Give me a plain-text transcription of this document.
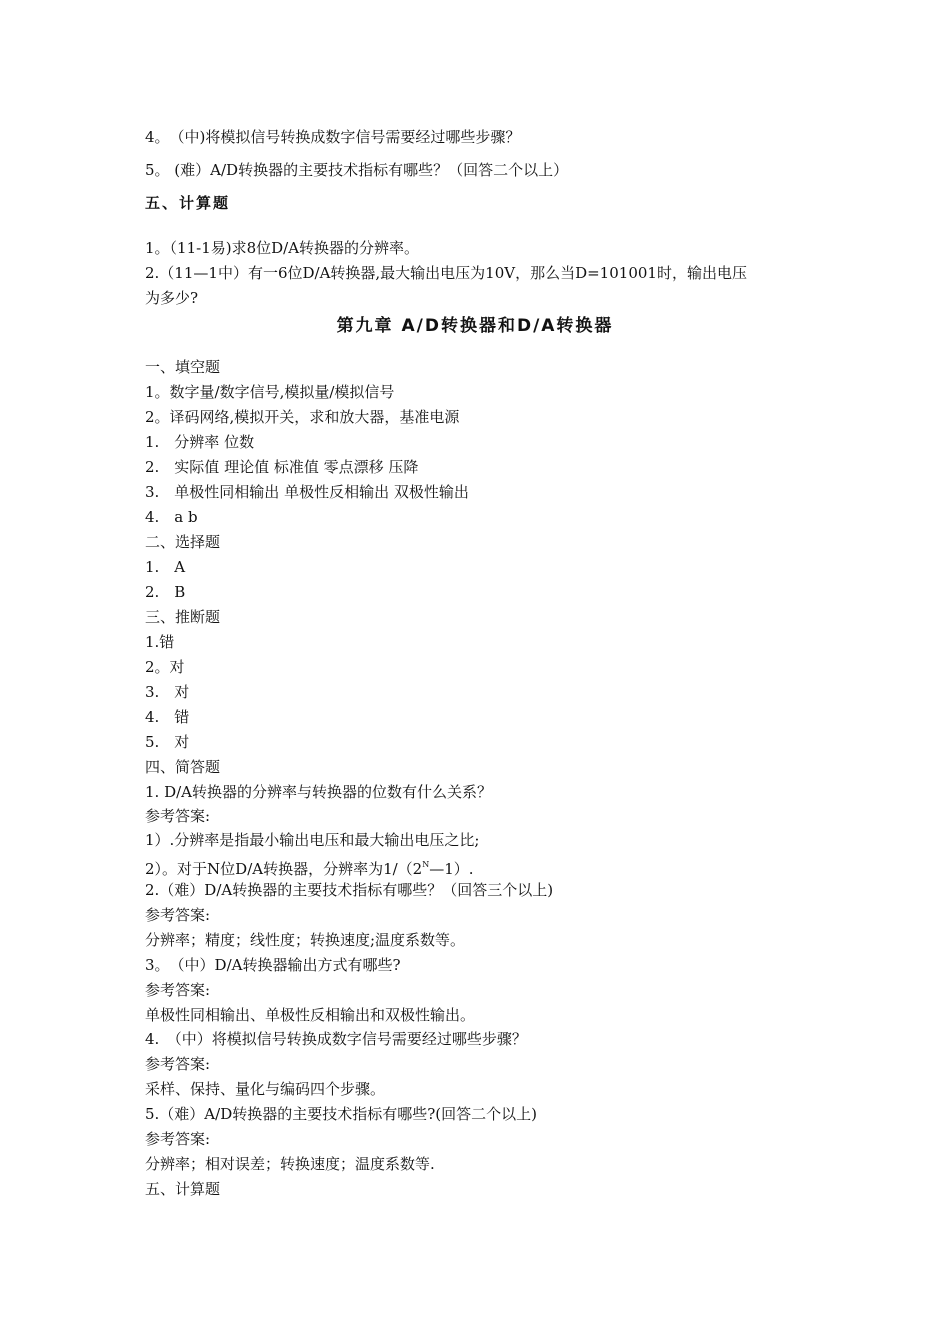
4。　（中)将模拟信号转换成数字信号需要经过哪些步骤？
5。 (难）A/D转换器的主要技术指标有哪些？（回答二个以上）
五、计算题
1。（11-1易)求8位D/A转换器的分辨率。
2.（11—1中）有一6位D/A转换器,最大输出电压为10V，那么当D=101001时，输出电压
为多少?
第九章 A/D转换器和D/A转换器
一、填空题
1。数字量/数字信号,模拟量/模拟信号
2。译码网络,模拟开关，求和放大器，基准电源
1.　分辨率 位数
2.　实际值 理论值 标准值 零点漂移 压降
3.　单极性同相输出 单极性反相输出 双极性输出
4.　a b
二、选择题
1.　A
2.　B
三、推断题
1.错
2。对
3.　对
4.　错
5.　对
四、简答题
1. D/A转换器的分辨率与转换器的位数有什么关系？
参考答案:
1）.分辨率是指最小输出电压和最大输出电压之比;
2）。对于N位D/A转换器，分辨率为$1/(2^N—1)$.
2.（难）D/A转换器的主要技术指标有哪些？（回答三个以上)
参考答案:
分辨率；精度；线性度；转换速度;温度系数等。
3。　（中）D/A转换器输出方式有哪些?
参考答案:
单极性同相输出、单极性反相输出和双极性输出。
4.　（中）将模拟信号转换成数字信号需要经过哪些步骤？
参考答案:
采样、保持、量化与编码四个步骤。
5.（难）A/D转换器的主要技术指标有哪些?(回答二个以上)
参考答案:
分辨率；相对误差；转换速度；温度系数等.
五、计算题
